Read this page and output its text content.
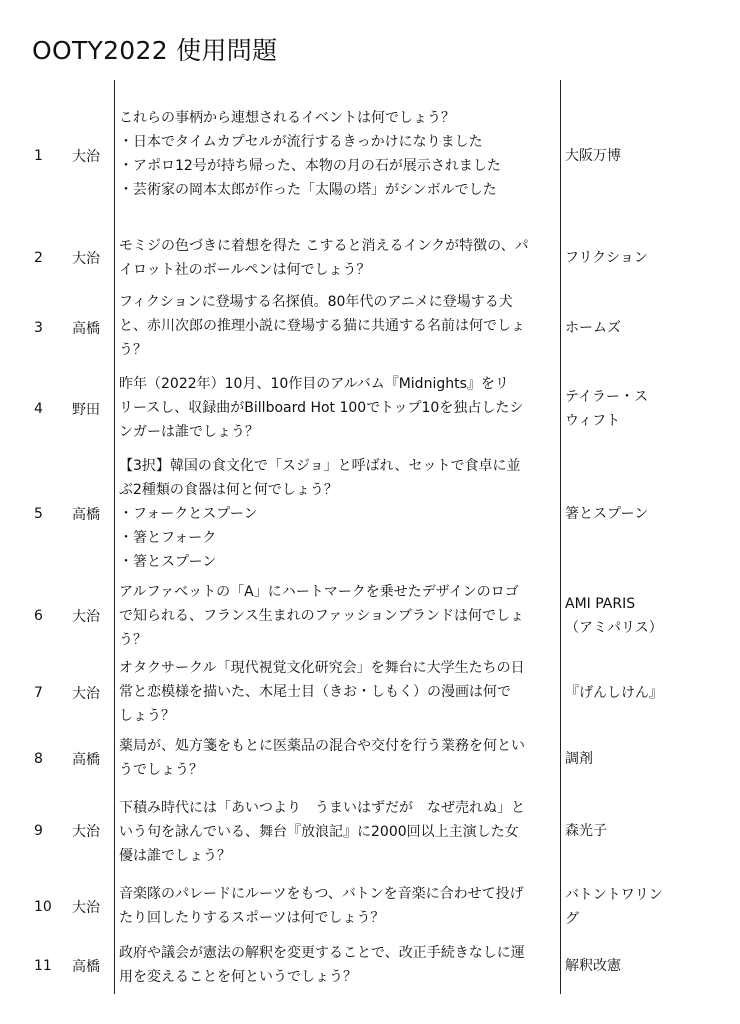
OOTY2022 使用問題
1 大治
これらの事柄から連想されるイベントは何でしょう？
・日本でタイムカプセルが流行するきっかけになりました
・アポロ12号が持ち帰った、本物の月の石が展示されました
・芸術家の岡本太郎が作った「太陽の塔」がシンボルでした
大阪万博
2 大治
モミジの色づきに着想を得た こすると消えるインクが特徴の、パ
イロット社のボールペンは何でしょう？
フリクション
3 高橋
フィクションに登場する名探偵。80年代のアニメに登場する犬
と、赤川次郎の推理小説に登場する猫に共通する名前は何でしょ
う？
ホームズ
4 野田
昨年（2022年）10月、10作目のアルバム『Midnights』をリ
リースし、収録曲がBillboard Hot 100でトップ10を独占したシ
ンガーは誰でしょう？
テイラー・ス
ウィフト
5 高橋
【3択】韓国の食文化で「スジョ」と呼ばれ、セットで食卓に並
ぶ2種類の食器は何と何でしょう？
・フォークとスプーン
・箸とフォーク
・箸とスプーン
箸とスプーン
6 大治
アルファベットの「A」にハートマークを乗せたデザインのロゴ
で知られる、フランス生まれのファッションブランドは何でしょ
う？
AMI PARIS
（アミパリス）
7 大治
オタクサークル「現代視覚文化研究会」を舞台に大学生たちの日
常と恋模様を描いた、木尾士目（きお・しもく）の漫画は何で
しょう？
『げんしけん』
8 高橋
薬局が、処方箋をもとに医薬品の混合や交付を行う業務を何とい
うでしょう？
調剤
9 大治
下積み時代には「あいつより　うまいはずだが　なぜ売れぬ」と
いう句を詠んでいる、舞台『放浪記』に2000回以上主演した女
優は誰でしょう？
森光子
10 大治
音楽隊のパレードにルーツをもつ、バトンを音楽に合わせて投げ
たり回したりするスポーツは何でしょう？
バトントワリン
グ
11 高橋
政府や議会が憲法の解釈を変更することで、改正手続きなしに運
用を変えることを何というでしょう？
解釈改憲
